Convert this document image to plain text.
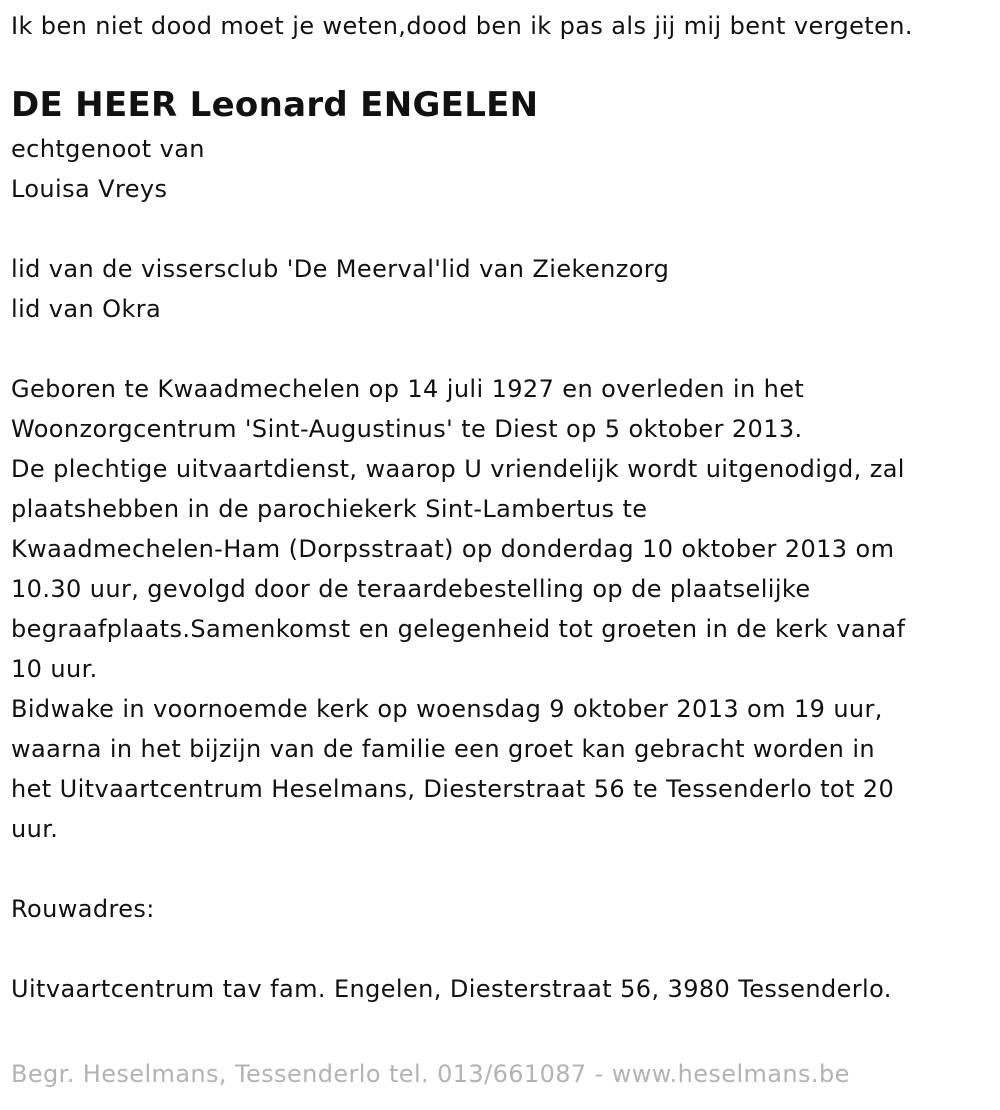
Ik ben niet dood moet je weten,dood ben ik pas als jij mij bent vergeten.

DE HEER Leonard ENGELEN

echtgenoot van

Louisa Vreys

lid van de vissersclub 'De Meerval'lid van Ziekenzorg

lid van Okra

Geboren te Kwaadmechelen op 14 juli 1927 en overleden in het

Woonzorgcentrum 'Sint-Augustinus' te Diest op 5 oktober 2013.

De plechtige uitvaartdienst, waarop U vriendelijk wordt uitgenodigd, zal

plaatshebben in de parochiekerk Sint-Lambertus te

Kwaadmechelen-Ham (Dorpsstraat) op donderdag 10 oktober 2013 om

10.30 uur, gevolgd door de teraardebestelling op de plaatselijke

begraafplaats.Samenkomst en gelegenheid tot groeten in de kerk vanaf

10 uur.

Bidwake in voornoemde kerk op woensdag 9 oktober 2013 om 19 uur,

waarna in het bijzijn van de familie een groet kan gebracht worden in

het Uitvaartcentrum Heselmans, Diesterstraat 56 te Tessenderlo tot 20

uur.

Rouwadres:

Uitvaartcentrum tav fam. Engelen, Diesterstraat 56, 3980 Tessenderlo.

Begr. Heselmans, Tessenderlo tel. 013/661087 - www.heselmans.be
